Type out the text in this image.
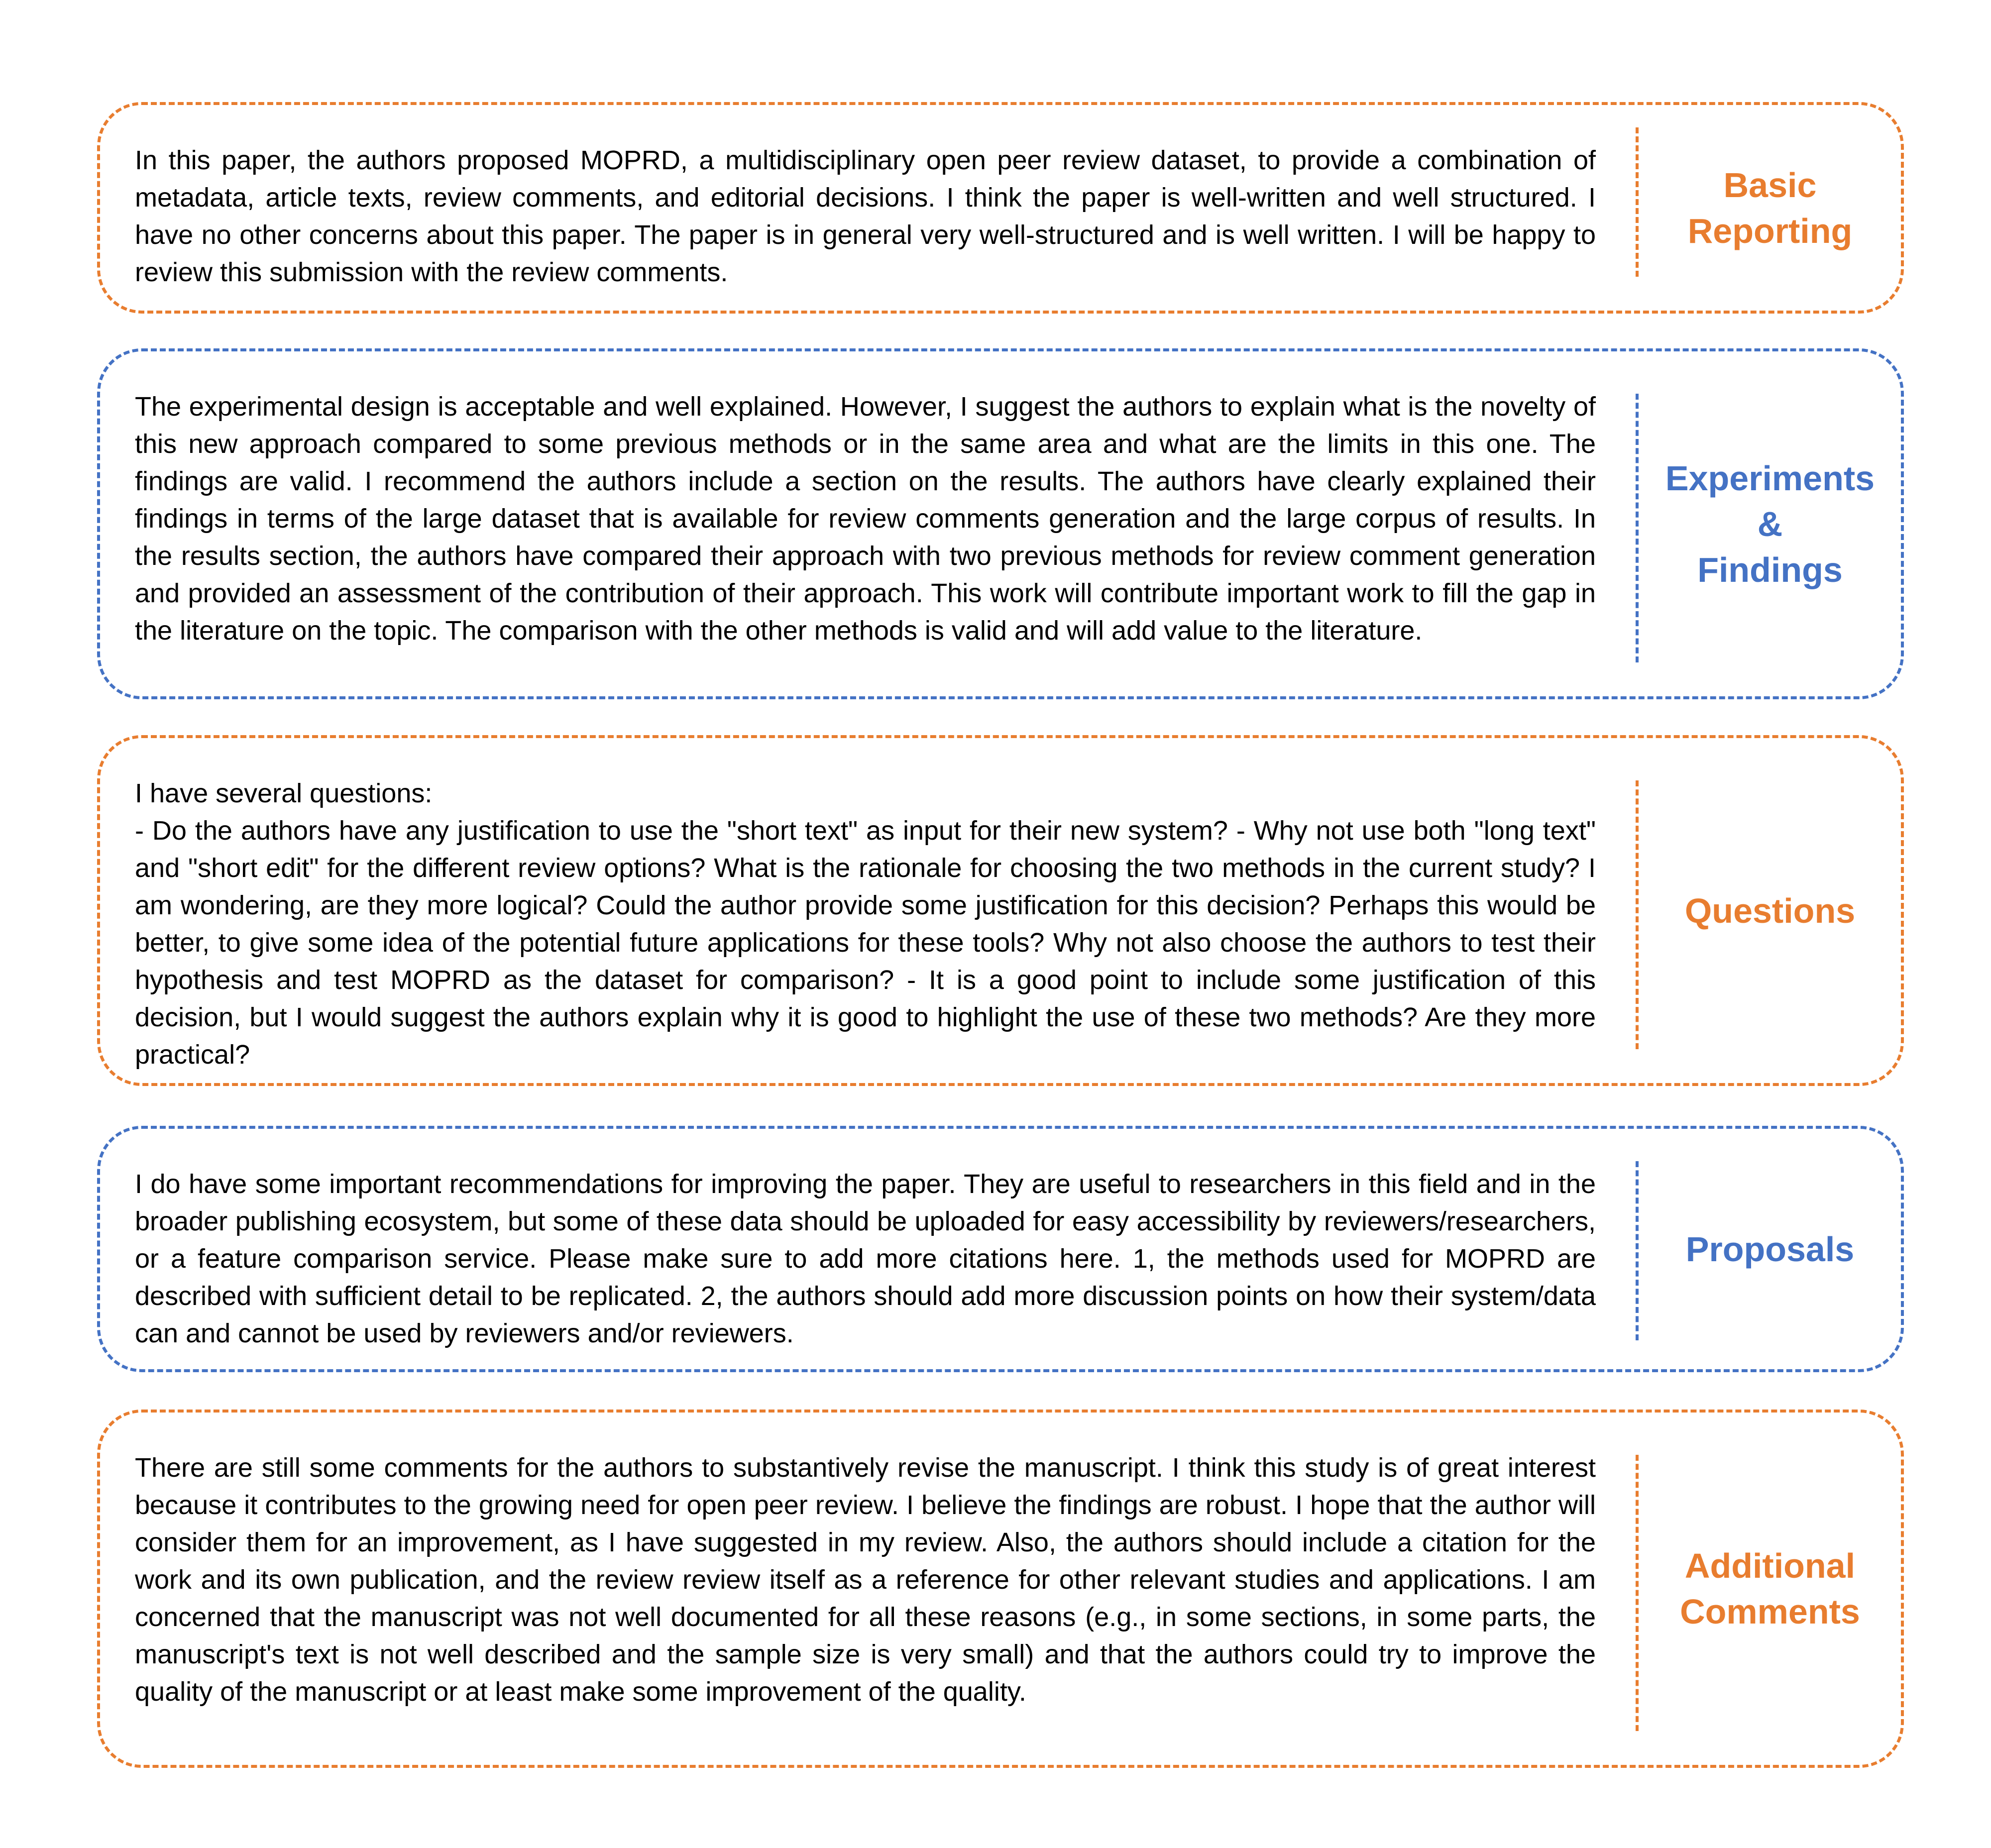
In this paper, the authors proposed MOPRD, a multidisciplinary open peer review dataset, to provide a combination of metadata, article texts, review comments, and editorial decisions. I think the paper is well-written and well structured. I have no other concerns about this paper. The paper is in general very well-structured and is well written. I will be happy to review this submission with the review comments.

Basic
Reporting

The experimental design is acceptable and well explained. However, I suggest the authors to explain what is the novelty of this new approach compared to some previous methods or in the same area and what are the limits in this one. The findings are valid. I recommend the authors include a section on the results. The authors have clearly explained their findings in terms of the large dataset that is available for review comments generation and the large corpus of results. In the results section, the authors have compared their approach with two previous methods for review comment generation and provided an assessment of the contribution of their approach. This work will contribute important work to fill the gap in the literature on the topic. The comparison with the other methods is valid and will add value to the literature.

Experiments
&
Findings

I have several questions:
- Do the authors have any justification to use the "short text" as input for their new system? - Why not use both "long text" and "short edit" for the different review options? What is the rationale for choosing the two methods in the current study? I am wondering, are they more logical? Could the author provide some justification for this decision? Perhaps this would be better, to give some idea of the potential future applications for these tools? Why not also choose the authors to test their hypothesis and test MOPRD as the dataset for comparison? - It is a good point to include some justification of this decision, but I would suggest the authors explain why it is good to highlight the use of these two methods? Are they more practical?

Questions

I do have some important recommendations for improving the paper. They are useful to researchers in this field and in the broader publishing ecosystem, but some of these data should be uploaded for easy accessibility by reviewers/researchers, or a feature comparison service. Please make sure to add more citations here. 1, the methods used for MOPRD are described with sufficient detail to be replicated. 2, the authors should add more discussion points on how their system/data can and cannot be used by reviewers and/or reviewers.

Proposals

There are still some comments for the authors to substantively revise the manuscript. I think this study is of great interest because it contributes to the growing need for open peer review. I believe the findings are robust. I hope that the author will consider them for an improvement, as I have suggested in my review. Also, the authors should include a citation for the work and its own publication, and the review review itself as a reference for other relevant studies and applications. I am concerned that the manuscript was not well documented for all these reasons (e.g., in some sections, in some parts, the manuscript's text is not well described and the sample size is very small) and that the authors could try to improve the quality of the manuscript or at least make some improvement of the quality.

Additional
Comments
